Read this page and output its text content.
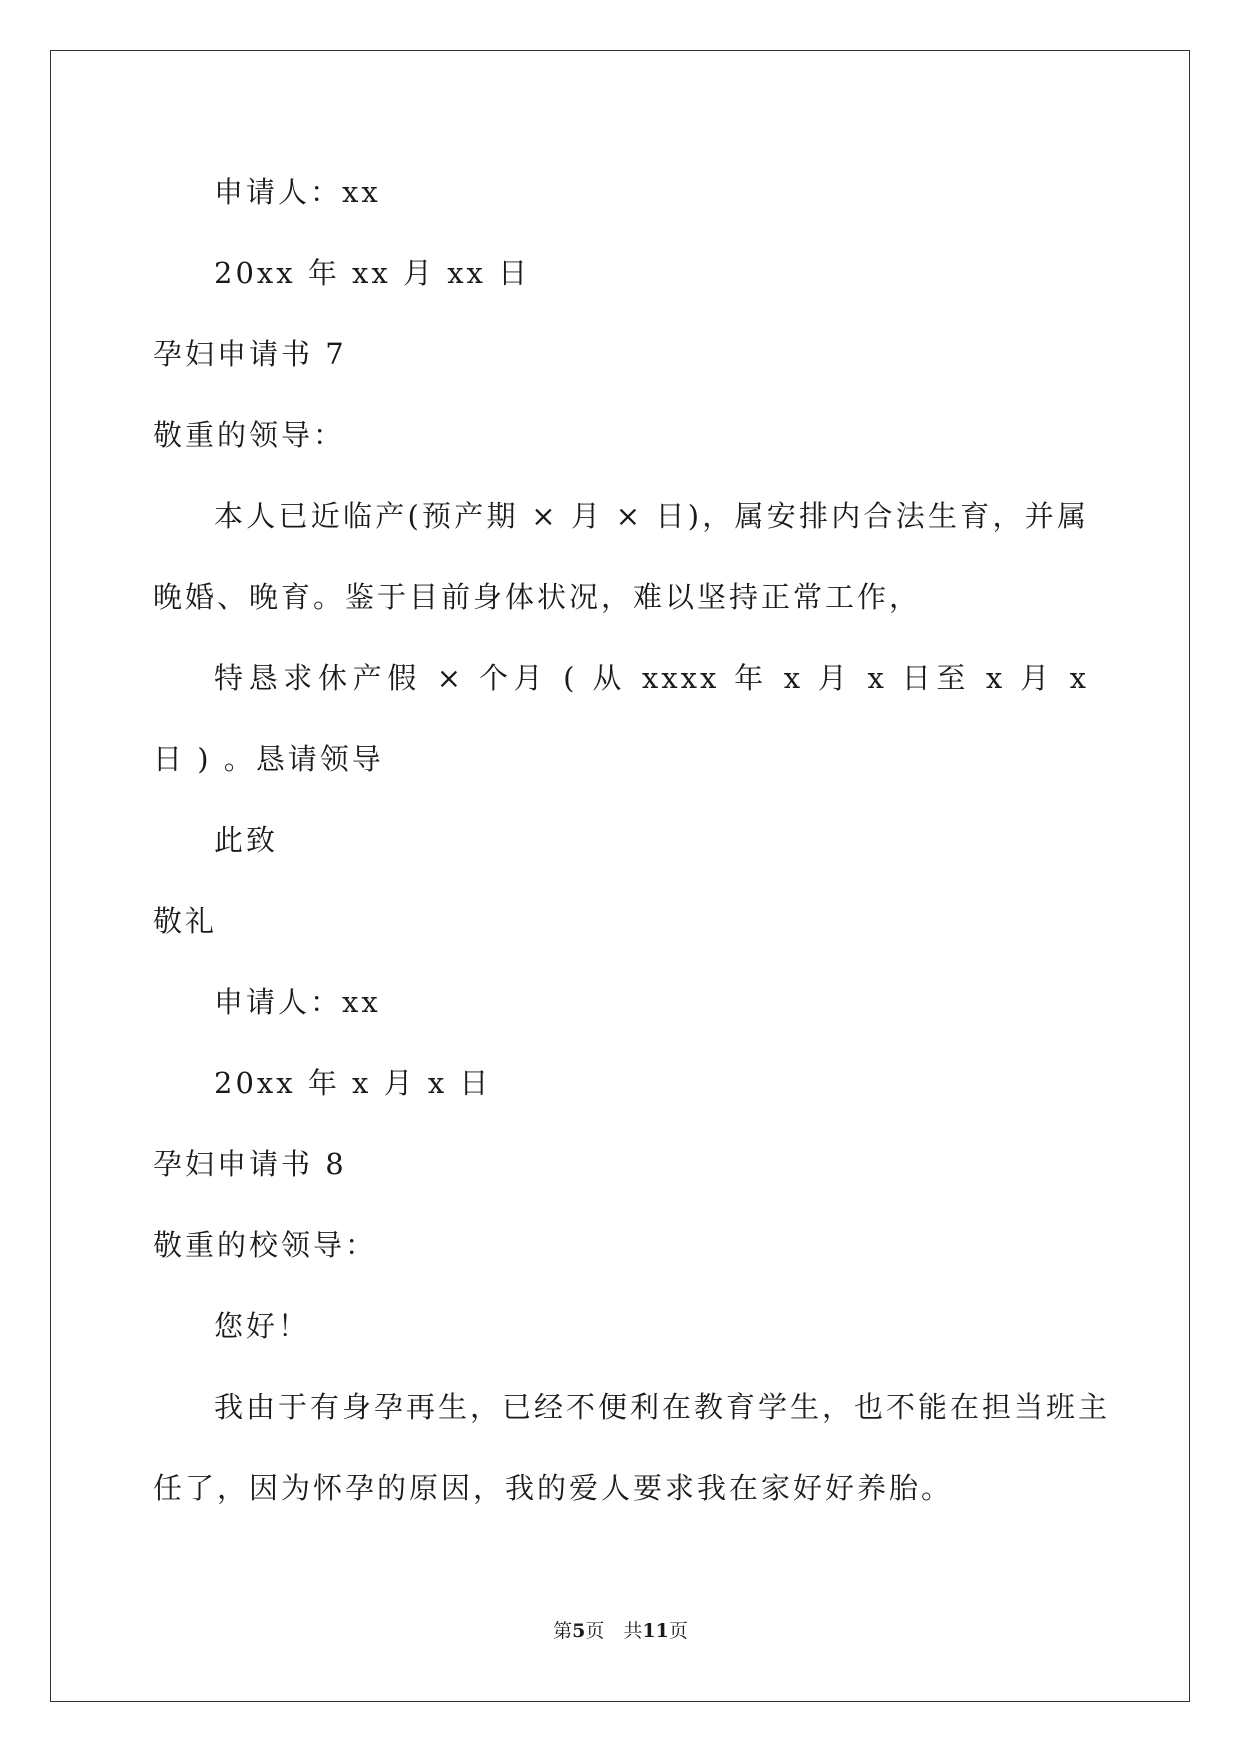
申请人：xx
20xx 年 xx 月 xx 日
孕妇申请书 7
敬重的领导：
本人已近临产(预产期 × 月 × 日)，属安排内合法生育，并属
晚婚、晚育。鉴于目前身体状况，难以坚持正常工作，
特恳求休产假 × 个月 ( 从 xxxx 年 x 月 x 日至 x 月 x
日 ) 。恳请领导
此致
敬礼
申请人：xx
20xx 年 x 月 x 日
孕妇申请书 8
敬重的校领导：
您好！
我由于有身孕再生，已经不便利在教育学生，也不能在担当班主
任了，因为怀孕的原因，我的爱人要求我在家好好养胎。
第5页　共11页
